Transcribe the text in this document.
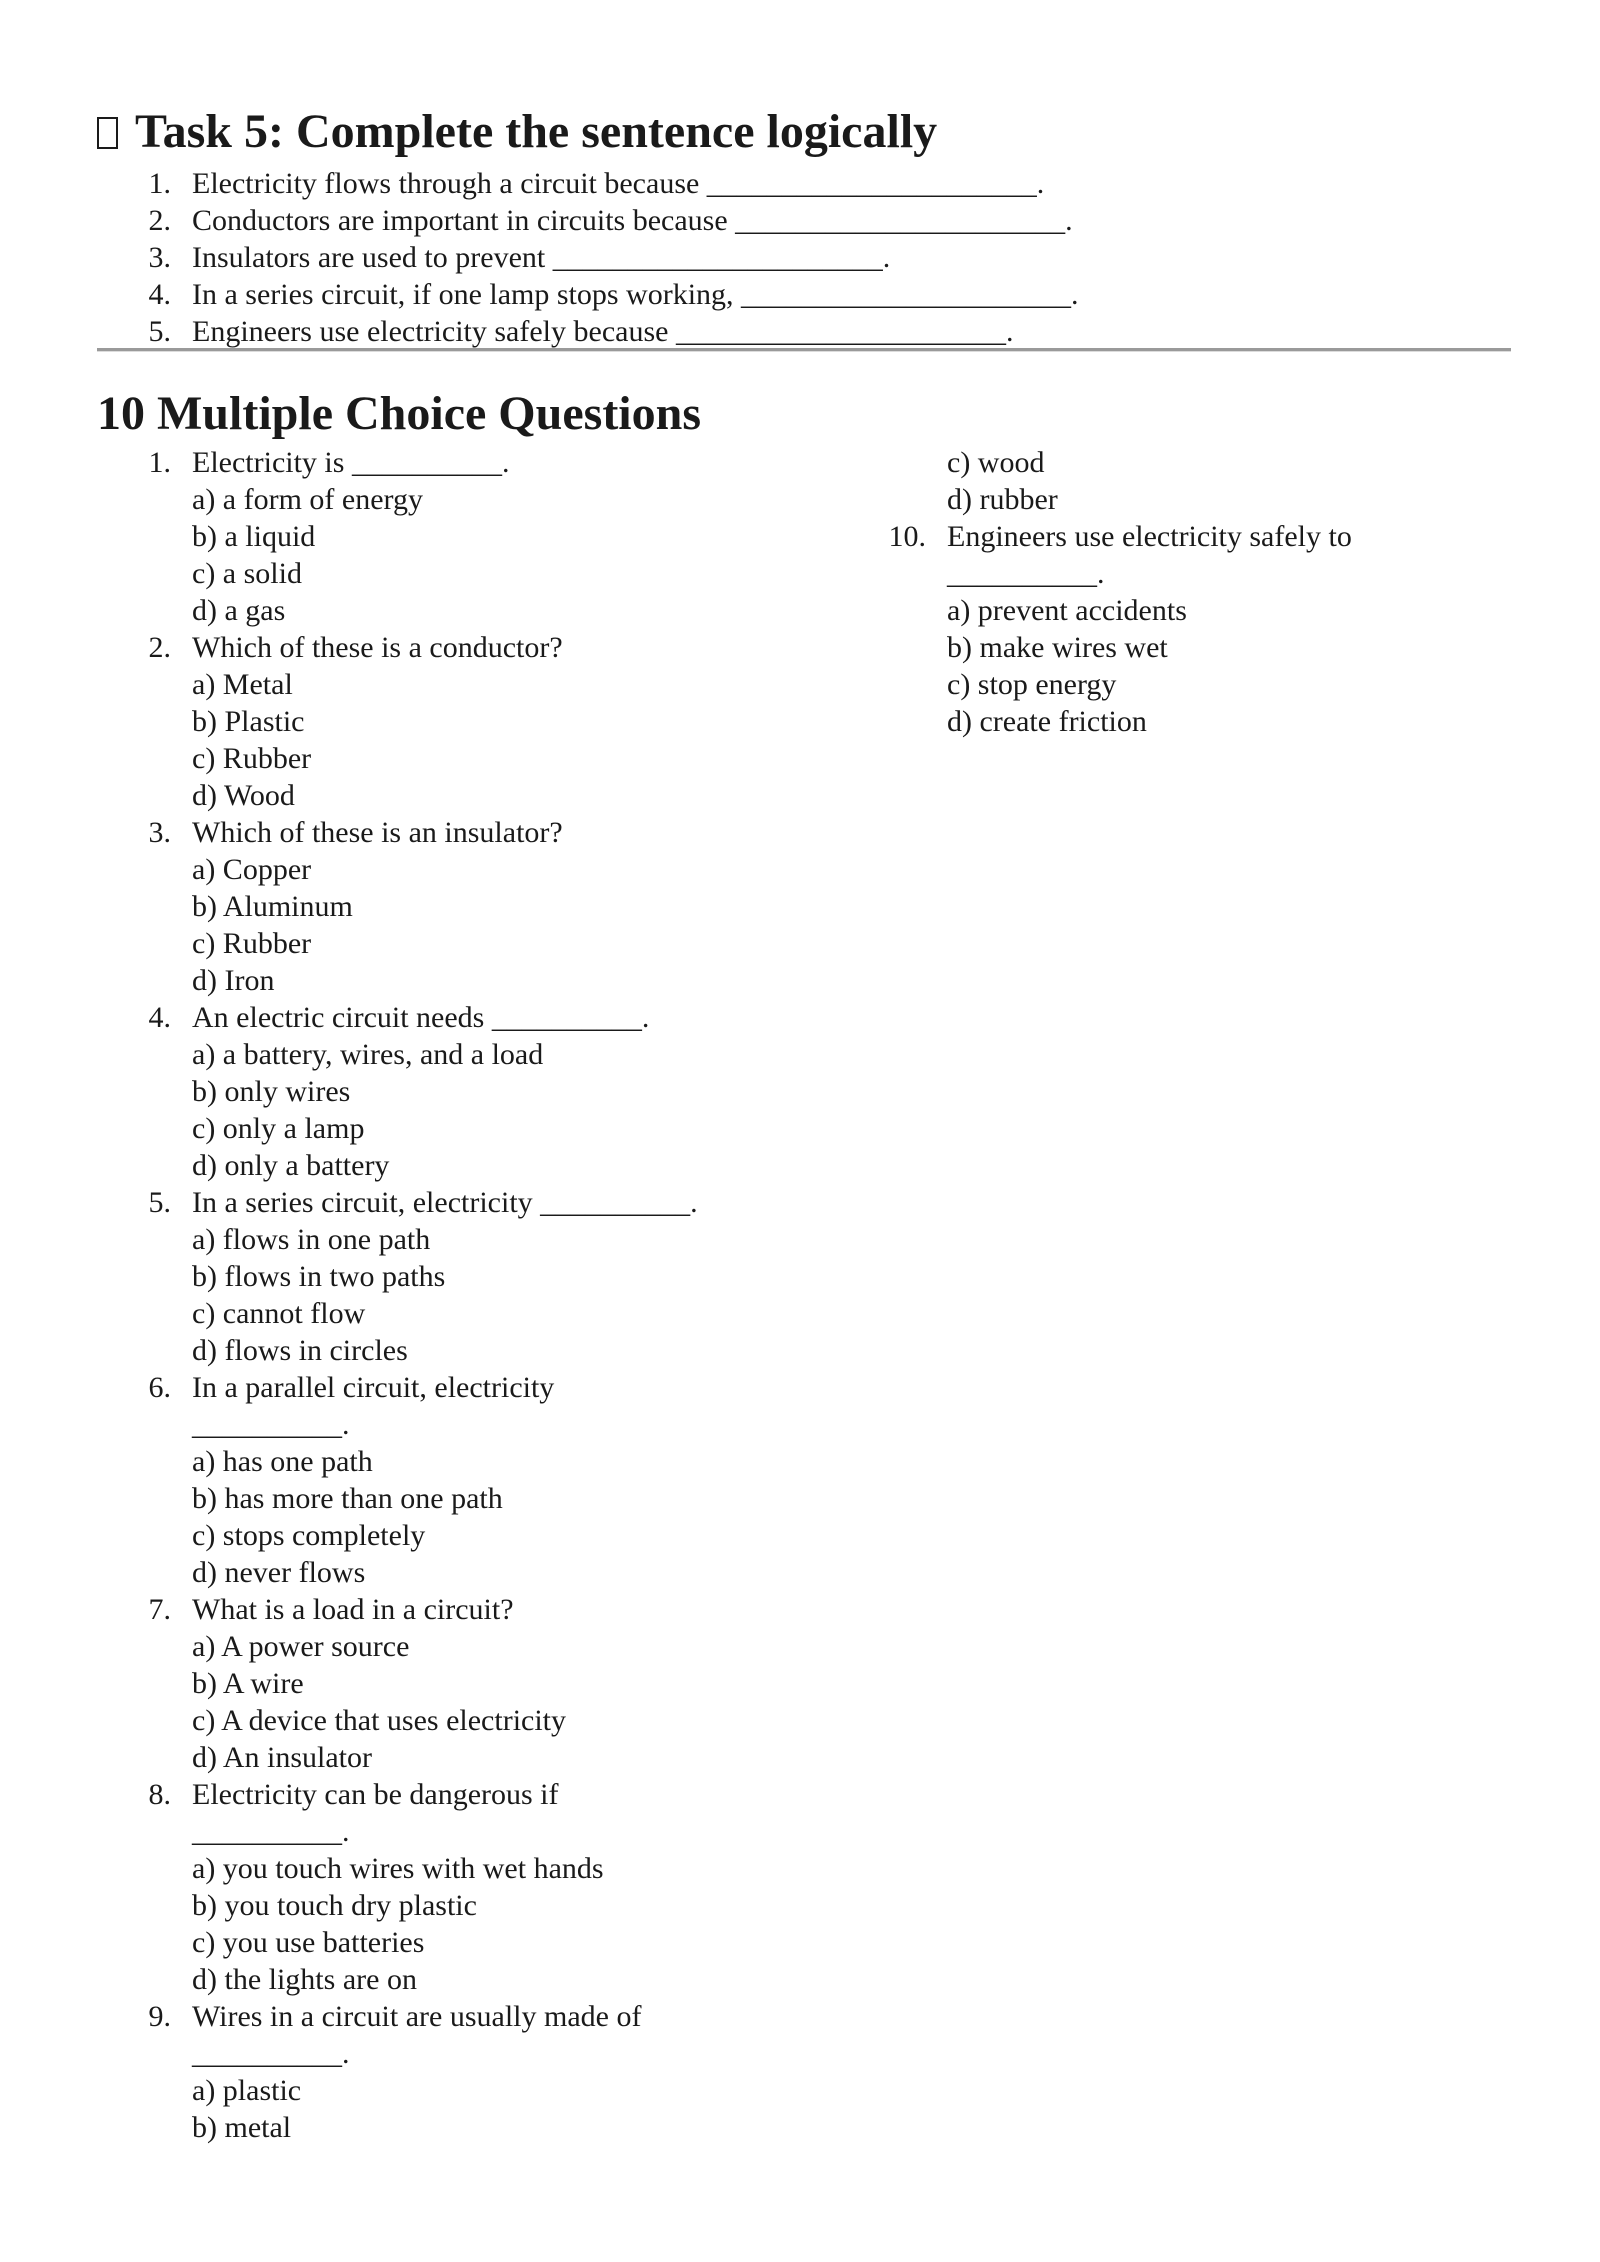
Task 5: Complete the sentence logically
1. Electricity flows through a circuit because ______________________.
2. Conductors are important in circuits because ______________________.
3. Insulators are used to prevent ______________________.
4. In a series circuit, if one lamp stops working, ______________________.
5. Engineers use electricity safely because ______________________.
10 Multiple Choice Questions
1. Electricity is __________.
a) a form of energy
b) a liquid
c) a solid
d) a gas
2. Which of these is a conductor?
a) Metal
b) Plastic
c) Rubber
d) Wood
3. Which of these is an insulator?
a) Copper
b) Aluminum
c) Rubber
d) Iron
4. An electric circuit needs __________.
a) a battery, wires, and a load
b) only wires
c) only a lamp
d) only a battery
5. In a series circuit, electricity __________.
a) flows in one path
b) flows in two paths
c) cannot flow
d) flows in circles
6. In a parallel circuit, electricity
__________.
a) has one path
b) has more than one path
c) stops completely
d) never flows
7. What is a load in a circuit?
a) A power source
b) A wire
c) A device that uses electricity
d) An insulator
8. Electricity can be dangerous if
__________.
a) you touch wires with wet hands
b) you touch dry plastic
c) you use batteries
d) the lights are on
9. Wires in a circuit are usually made of
__________.
a) plastic
b) metal
c) wood
d) rubber
10. Engineers use electricity safely to
__________.
a) prevent accidents
b) make wires wet
c) stop energy
d) create friction
